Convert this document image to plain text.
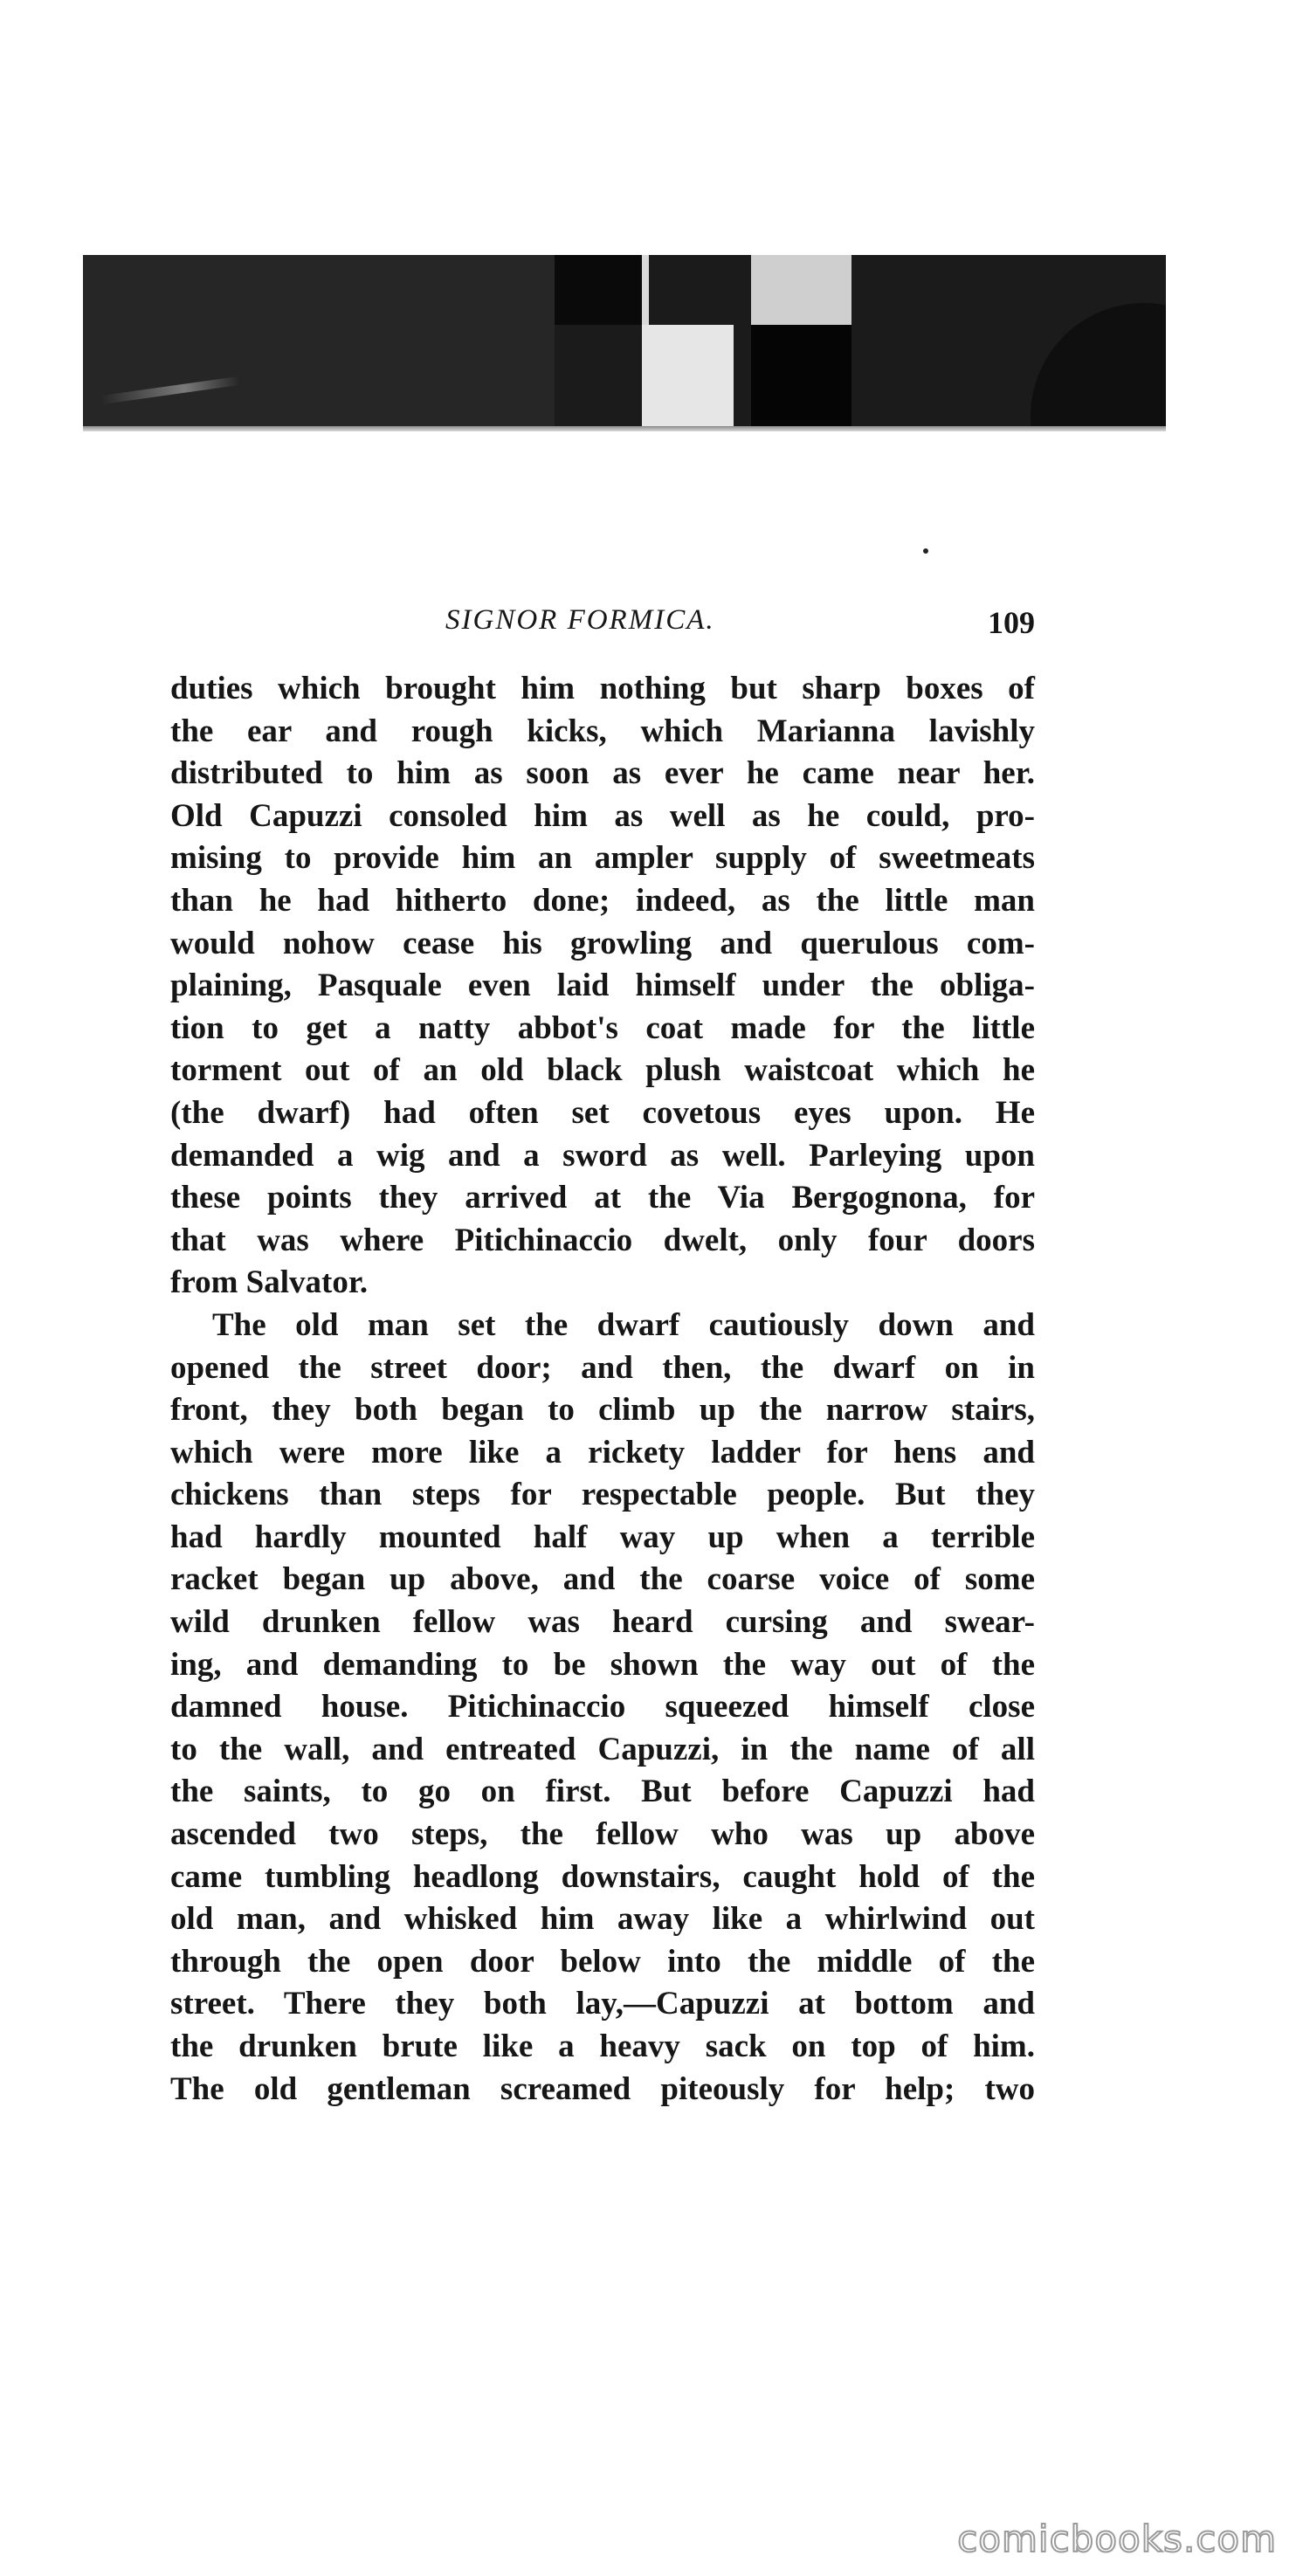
SIGNOR FORMICA.	109
duties which brought him nothing but sharp boxes of
the ear and rough kicks, which Marianna lavishly
distributed to him as soon as ever he came near her.
Old Capuzzi consoled him as well as he could, pro-
mising to provide him an ampler supply of sweetmeats
than he had hitherto done; indeed, as the little man
would nohow cease his growling and querulous com-
plaining, Pasquale even laid himself under the obliga-
tion to get a natty abbot's coat made for the little
torment out of an old black plush waistcoat which he
(the dwarf) had often set covetous eyes upon. He
demanded a wig and a sword as well. Parleying upon
these points they arrived at the Via Bergognona, for
that was where Pitichinaccio dwelt, only four doors
from Salvator.
The old man set the dwarf cautiously down and
opened the street door; and then, the dwarf on in
front, they both began to climb up the narrow stairs,
which were more like a rickety ladder for hens and
chickens than steps for respectable people. But they
had hardly mounted half way up when a terrible
racket began up above, and the coarse voice of some
wild drunken fellow was heard cursing and swear-
ing, and demanding to be shown the way out of the
damned house. Pitichinaccio squeezed himself close
to the wall, and entreated Capuzzi, in the name of all
the saints, to go on first. But before Capuzzi had
ascended two steps, the fellow who was up above
came tumbling headlong downstairs, caught hold of the
old man, and whisked him away like a whirlwind out
through the open door below into the middle of the
street. There they both lay,—Capuzzi at bottom and
the drunken brute like a heavy sack on top of him.
The old gentleman screamed piteously for help; two
comicbooks.com
